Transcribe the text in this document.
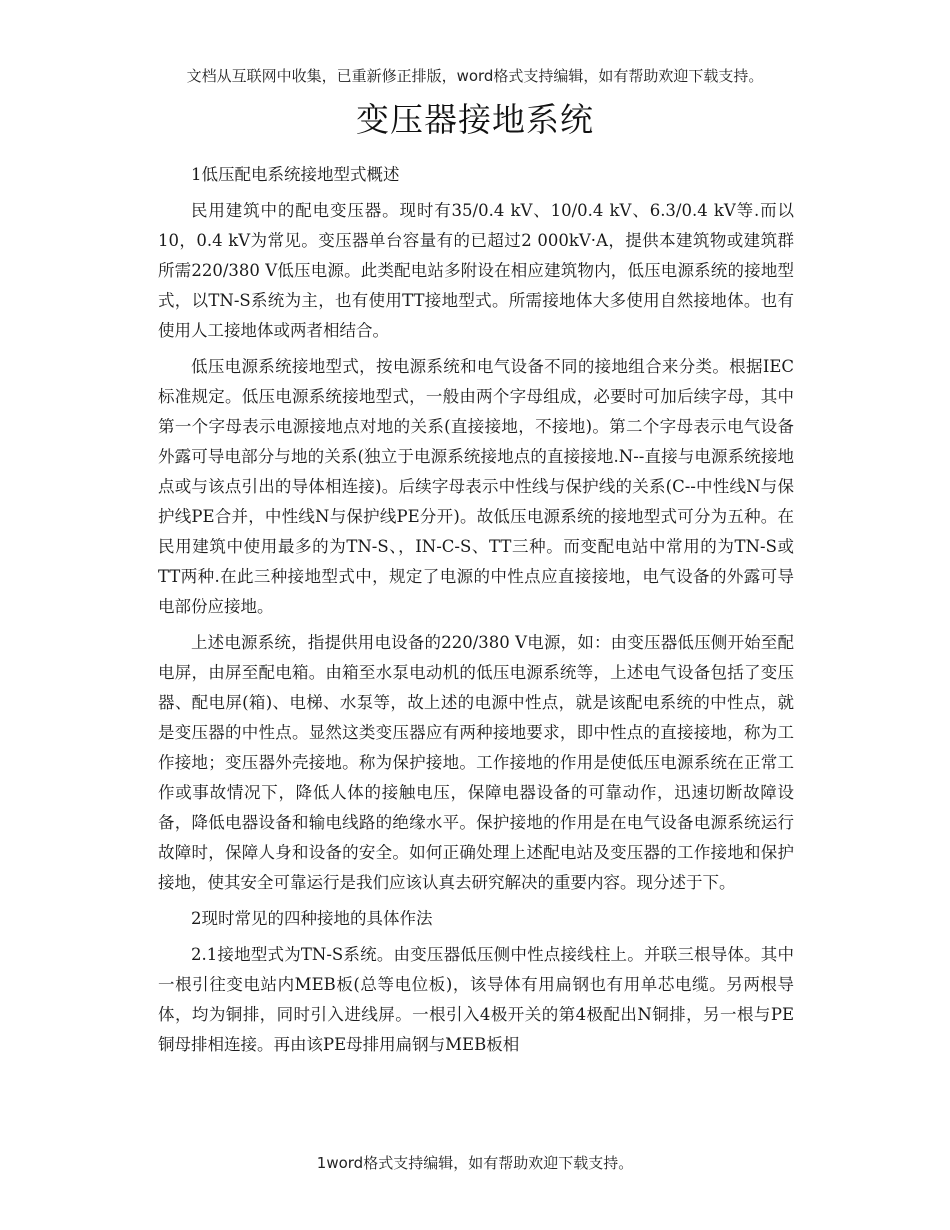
文档从互联网中收集，已重新修正排版，word格式支持编辑，如有帮助欢迎下载支持。
变压器接地系统

1低压配电系统接地型式概述

民用建筑中的配电变压器。现时有35/0.4 kV、10/0.4 kV、6.3/0.4 kV等.而以10，0.4 kV为常见。变压器单台容量有的已超过2 000kV·A，提供本建筑物或建筑群所需220/380 V低压电源。此类配电站多附设在相应建筑物内，低压电源系统的接地型式，以TN-S系统为主，也有使用TT接地型式。所需接地体大多使用自然接地体。也有使用人工接地体或两者相结合。

低压电源系统接地型式，按电源系统和电气设备不同的接地组合来分类。根据IEC标准规定。低压电源系统接地型式，一般由两个字母组成，必要时可加后续字母，其中第一个字母表示电源接地点对地的关系(直接接地，不接地)。第二个字母表示电气设备外露可导电部分与地的关系(独立于电源系统接地点的直接接地.N--直接与电源系统接地点或与该点引出的导体相连接)。后续字母表示中性线与保护线的关系(C--中性线N与保护线PE合并，中性线N与保护线PE分开)。故低压电源系统的接地型式可分为五种。在民用建筑中使用最多的为TN-S、，IN-C-S、TT三种。而变配电站中常用的为TN-S或TT两种.在此三种接地型式中，规定了电源的中性点应直接接地，电气设备的外露可导电部份应接地。

上述电源系统，指提供用电设备的220/380 V电源，如：由变压器低压侧开始至配电屏，由屏至配电箱。由箱至水泵电动机的低压电源系统等，上述电气设备包括了变压器、配电屏(箱)、电梯、水泵等，故上述的电源中性点，就是该配电系统的中性点，就是变压器的中性点。显然这类变压器应有两种接地要求，即中性点的直接接地，称为工作接地；变压器外壳接地。称为保护接地。工作接地的作用是使低压电源系统在正常工作或事故情况下，降低人体的接触电压，保障电器设备的可靠动作，迅速切断故障设备，降低电器设备和输电线路的绝缘水平。保护接地的作用是在电气设备电源系统运行故障时，保障人身和设备的安全。如何正确处理上述配电站及变压器的工作接地和保护接地，使其安全可靠运行是我们应该认真去研究解决的重要内容。现分述于下。

2现时常见的四种接地的具体作法

2.1接地型式为TN-S系统。由变压器低压侧中性点接线柱上。并联三根导体。其中一根引往变电站内MEB板(总等电位板)，该导体有用扁钢也有用单芯电缆。另两根导体，均为铜排，同时引入进线屏。一根引入4极开关的第4极配出N铜排，另一根与PE铜母排相连接。再由该PE母排用扁钢与MEB板相

1word格式支持编辑，如有帮助欢迎下载支持。
